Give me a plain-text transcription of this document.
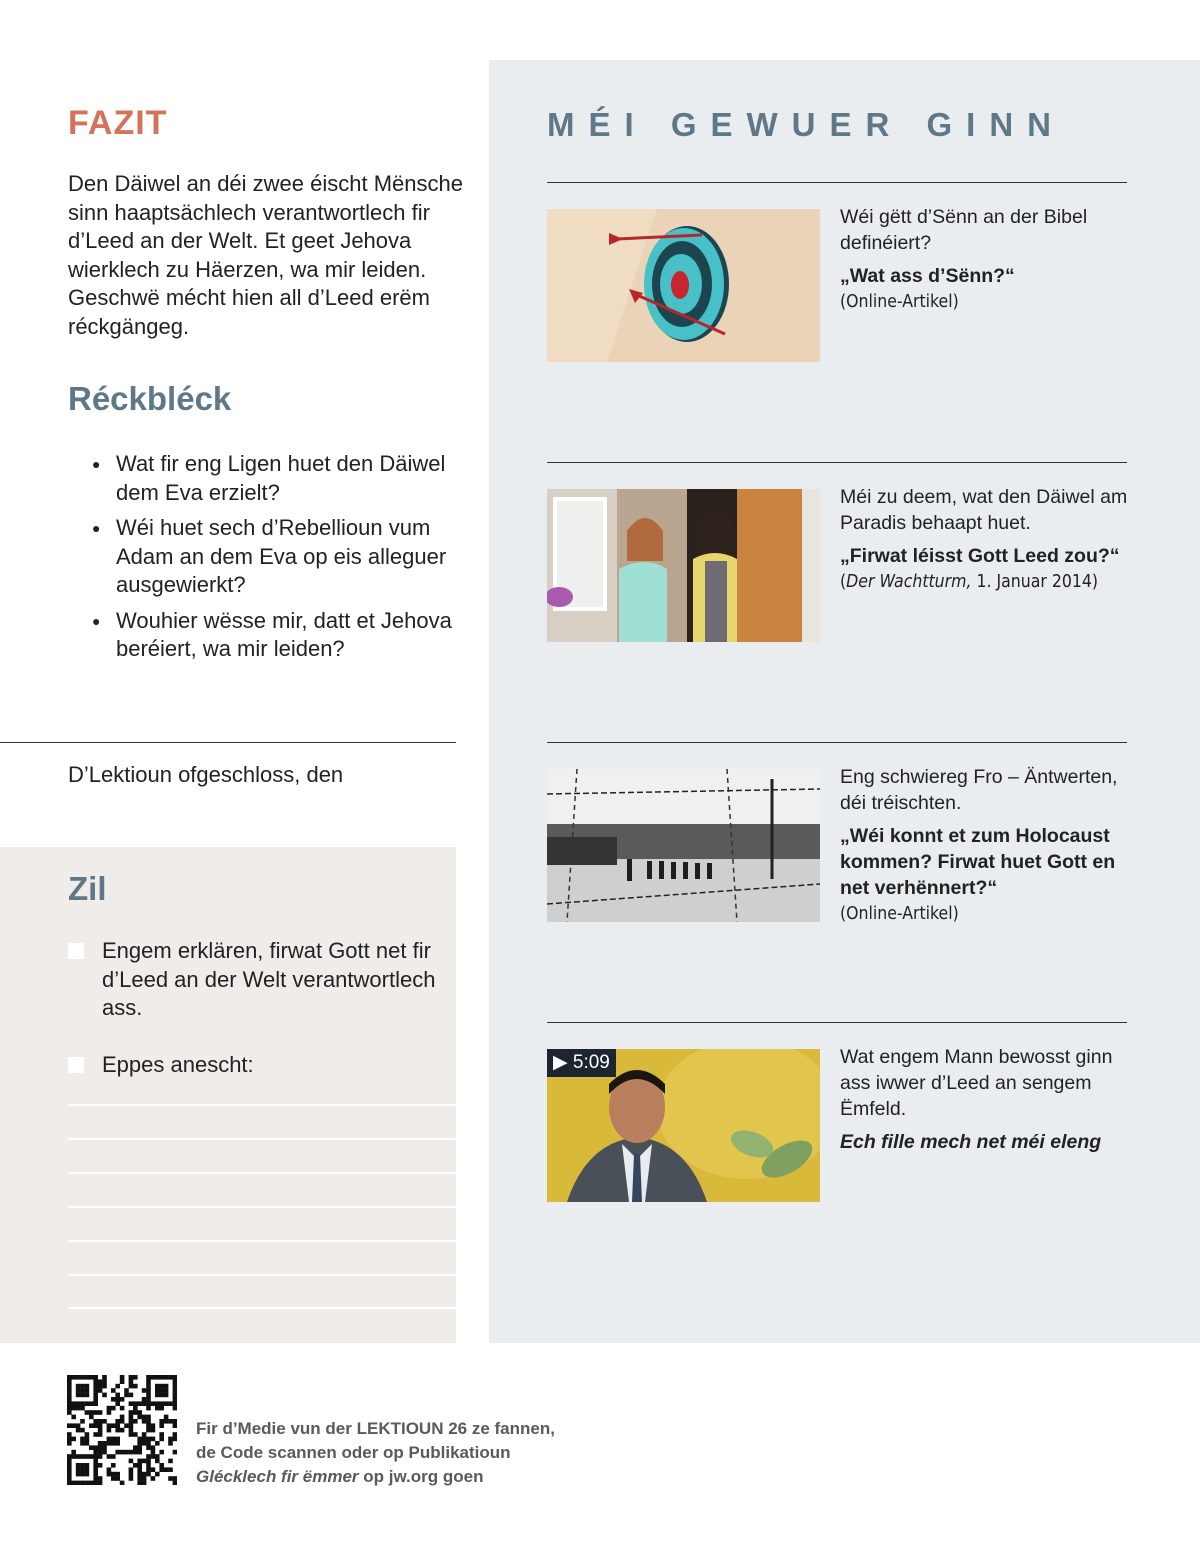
FAZIT
Den Däiwel an déi zwee éischt Mënsche sinn haaptsächlech verantwortlech fir d’Leed an der Welt. Et geet Jehova wierklech zu Häerzen, wa mir leiden. Geschwë mécht hien all d’Leed erëm réckgängeg.
Réckbléck
● Wat fir eng Ligen huet den Däiwel dem Eva erzielt?
● Wéi huet sech d’Rebellioun vum Adam an dem Eva op eis alleguer ausgewierkt?
● Wouhier wësse mir, datt et Jehova beréiert, wa mir leiden?
D’Lektioun ofgeschloss, den
Zil
Engem erklären, firwat Gott net fir d’Leed an der Welt verantwortlech ass.
Eppes anescht:
MÉI GEWUER GINN
Wéi gëtt d’Sënn an der Bibel definéiert?
„Wat ass d’Sënn?“
(Online-Artikel)
Méi zu deem, wat den Däiwel am Paradis behaapt huet.
„Firwat léisst Gott Leed zou?“
(Der Wachtturm, 1. Januar 2014)
Eng schwiereg Fro – Äntwerten, déi tréischten.
„Wéi konnt et zum Holocaust kommen? Firwat huet Gott en net verhënnert?“
(Online-Artikel)
▶ 5:09	Wat engem Mann bewosst ginn ass iwwer d’Leed an sengem Ëmfeld.
Ech fille mech net méi eleng
Fir d’Medie vun der LEKTIOUN 26 ze fannen,
de Code scannen oder op Publikatioun
Glécklech fir ëmmer op jw.org goen
